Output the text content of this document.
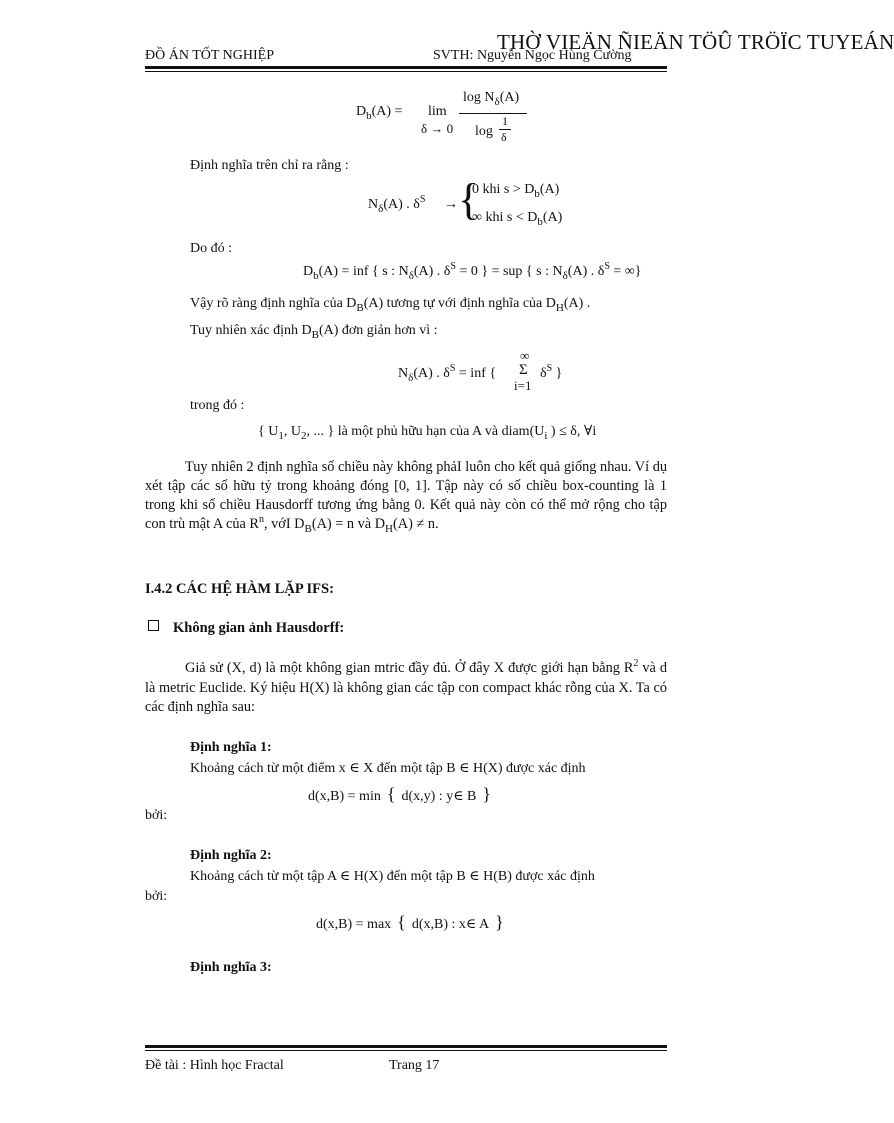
THỜ VIEÄN ÑIEÄN TÖÛ TRÖÏC TUYEÁN
ĐỒ ÁN TỐT NGHIỆP	SVTH: Nguyễn Ngọc Hùng Cường
$D_b(A) = \lim$
δ → 0
$\log N_\delta(A)$
log
1
δ
Định nghĩa trên chỉ ra rằng :
$N_\delta(A)$ . $\delta^S$ → {
0 khi $s > D_b(A)$
∞ khi $s < D_b(A)$
Do đó :
$D_b(A)$ = inf { s : $N_\delta(A)$ . $\delta^S = 0$ } = sup { s : $N_\delta(A)$ . $\delta^S$ = ∞}
Vậy rõ ràng định nghĩa của $D_B(A)$ tương tự với định nghĩa của $D_H(A)$ .
Tuy nhiên xác định $D_B(A)$ đơn giản hơn vì :
$N_\delta(A)$ . $\delta^S$ = inf {
∞
Σ
i=1
$\delta^S$ }
trong đó :
{ $U_1$, $U_2$, ... } là một phủ hữu hạn của A và $diam(U_i$ ) ≤ δ, ∀i
Tuy nhiên 2 định nghĩa số chiều này không phảI luôn cho kết quả giống nhau. Ví dụ xét tập các số hữu tỷ trong khoảng đóng [0, 1]. Tập này có số chiều box-counting là 1 trong khi số chiều Hausdorff tương ứng bằng 0. Kết quả này còn có thể mở rộng cho tập con trù mật A của $R^n$, vớI $D_B(A) = n$ và $D_H(A) \ne n$.
I.4.2 CÁC HỆ HÀM LẶP IFS:
Không gian ảnh Hausdorff:
Giả sử (X, d) là một không gian mtric đầy đủ. Ở đây X được giới hạn bằng $R^2$ và d là metric Euclide. Ký hiệu H(X) là không gian các tập con compact khác rỗng của X. Ta có các định nghĩa sau:
Định nghĩa 1:
Khoảng cách từ một điểm x ∈ X đến một tập B ∈ H(X) được xác định
d(x,B) = min { d(x,y) : y∈ B }
bởi:
Định nghĩa 2:
Khoảng cách từ một tập A ∈ H(X) đến một tập B ∈ H(B) được xác định
bởi:
d(x,B) = max { d(x,B) : x∈ A }
Định nghĩa 3:
Đề tài : Hình học Fractal	Trang 17
